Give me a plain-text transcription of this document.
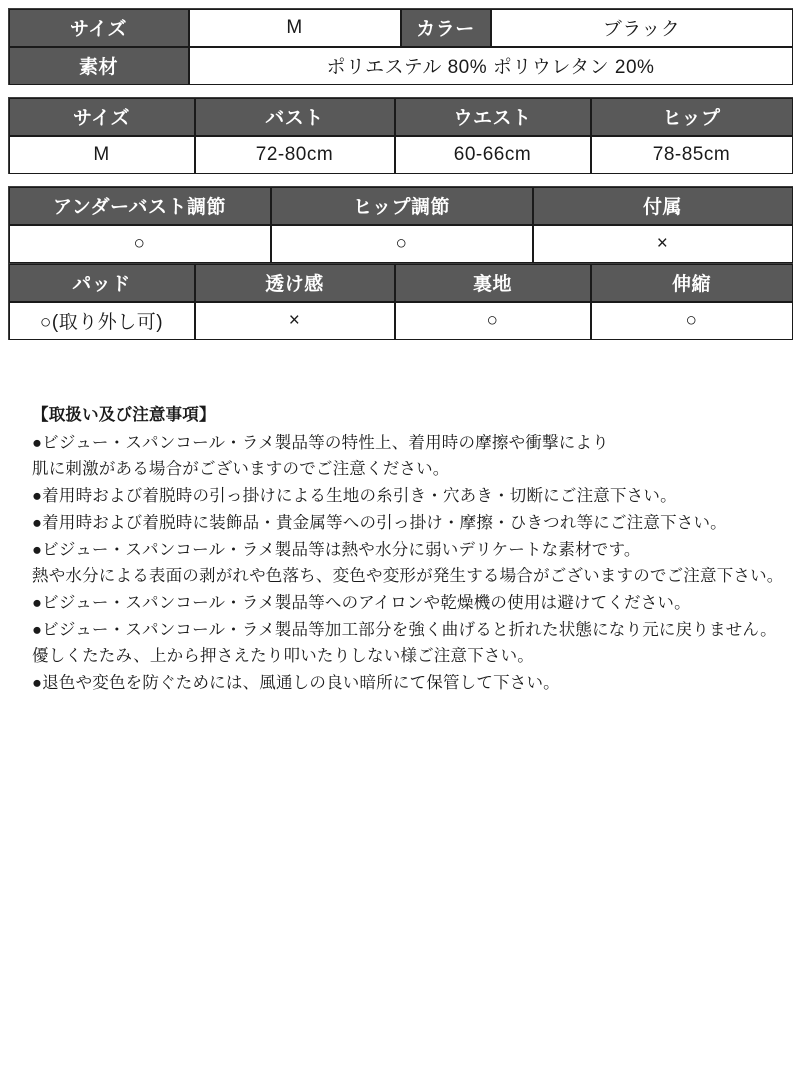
サイズ	M	カラー	ブラック
素材	ポリエステル 80% ポリウレタン 20%		
サイズ	バスト	ウエスト	ヒップ
M	72-80cm	60-66cm	78-85cm
アンダーバスト調節	ヒップ調節	付属
○	○	×
パッド	透け感	裏地	伸縮
○(取り外し可)	×	○	○

【取扱い及び注意事項】

●ビジュー・スパンコール・ラメ製品等の特性上、着用時の摩擦や衝撃により

肌に刺激がある場合がございますのでご注意ください。

●着用時および着脱時の引っ掛けによる生地の糸引き・穴あき・切断にご注意下さい。

●着用時および着脱時に装飾品・貴金属等への引っ掛け・摩擦・ひきつれ等にご注意下さい。

●ビジュー・スパンコール・ラメ製品等は熱や水分に弱いデリケートな素材です。

熱や水分による表面の剥がれや色落ち、変色や変形が発生する場合がございますのでご注意下さい。

●ビジュー・スパンコール・ラメ製品等へのアイロンや乾燥機の使用は避けてください。

●ビジュー・スパンコール・ラメ製品等加工部分を強く曲げると折れた状態になり元に戻りません。

優しくたたみ、上から押さえたり叩いたりしない様ご注意下さい。

●退色や変色を防ぐためには、風通しの良い暗所にて保管して下さい。
